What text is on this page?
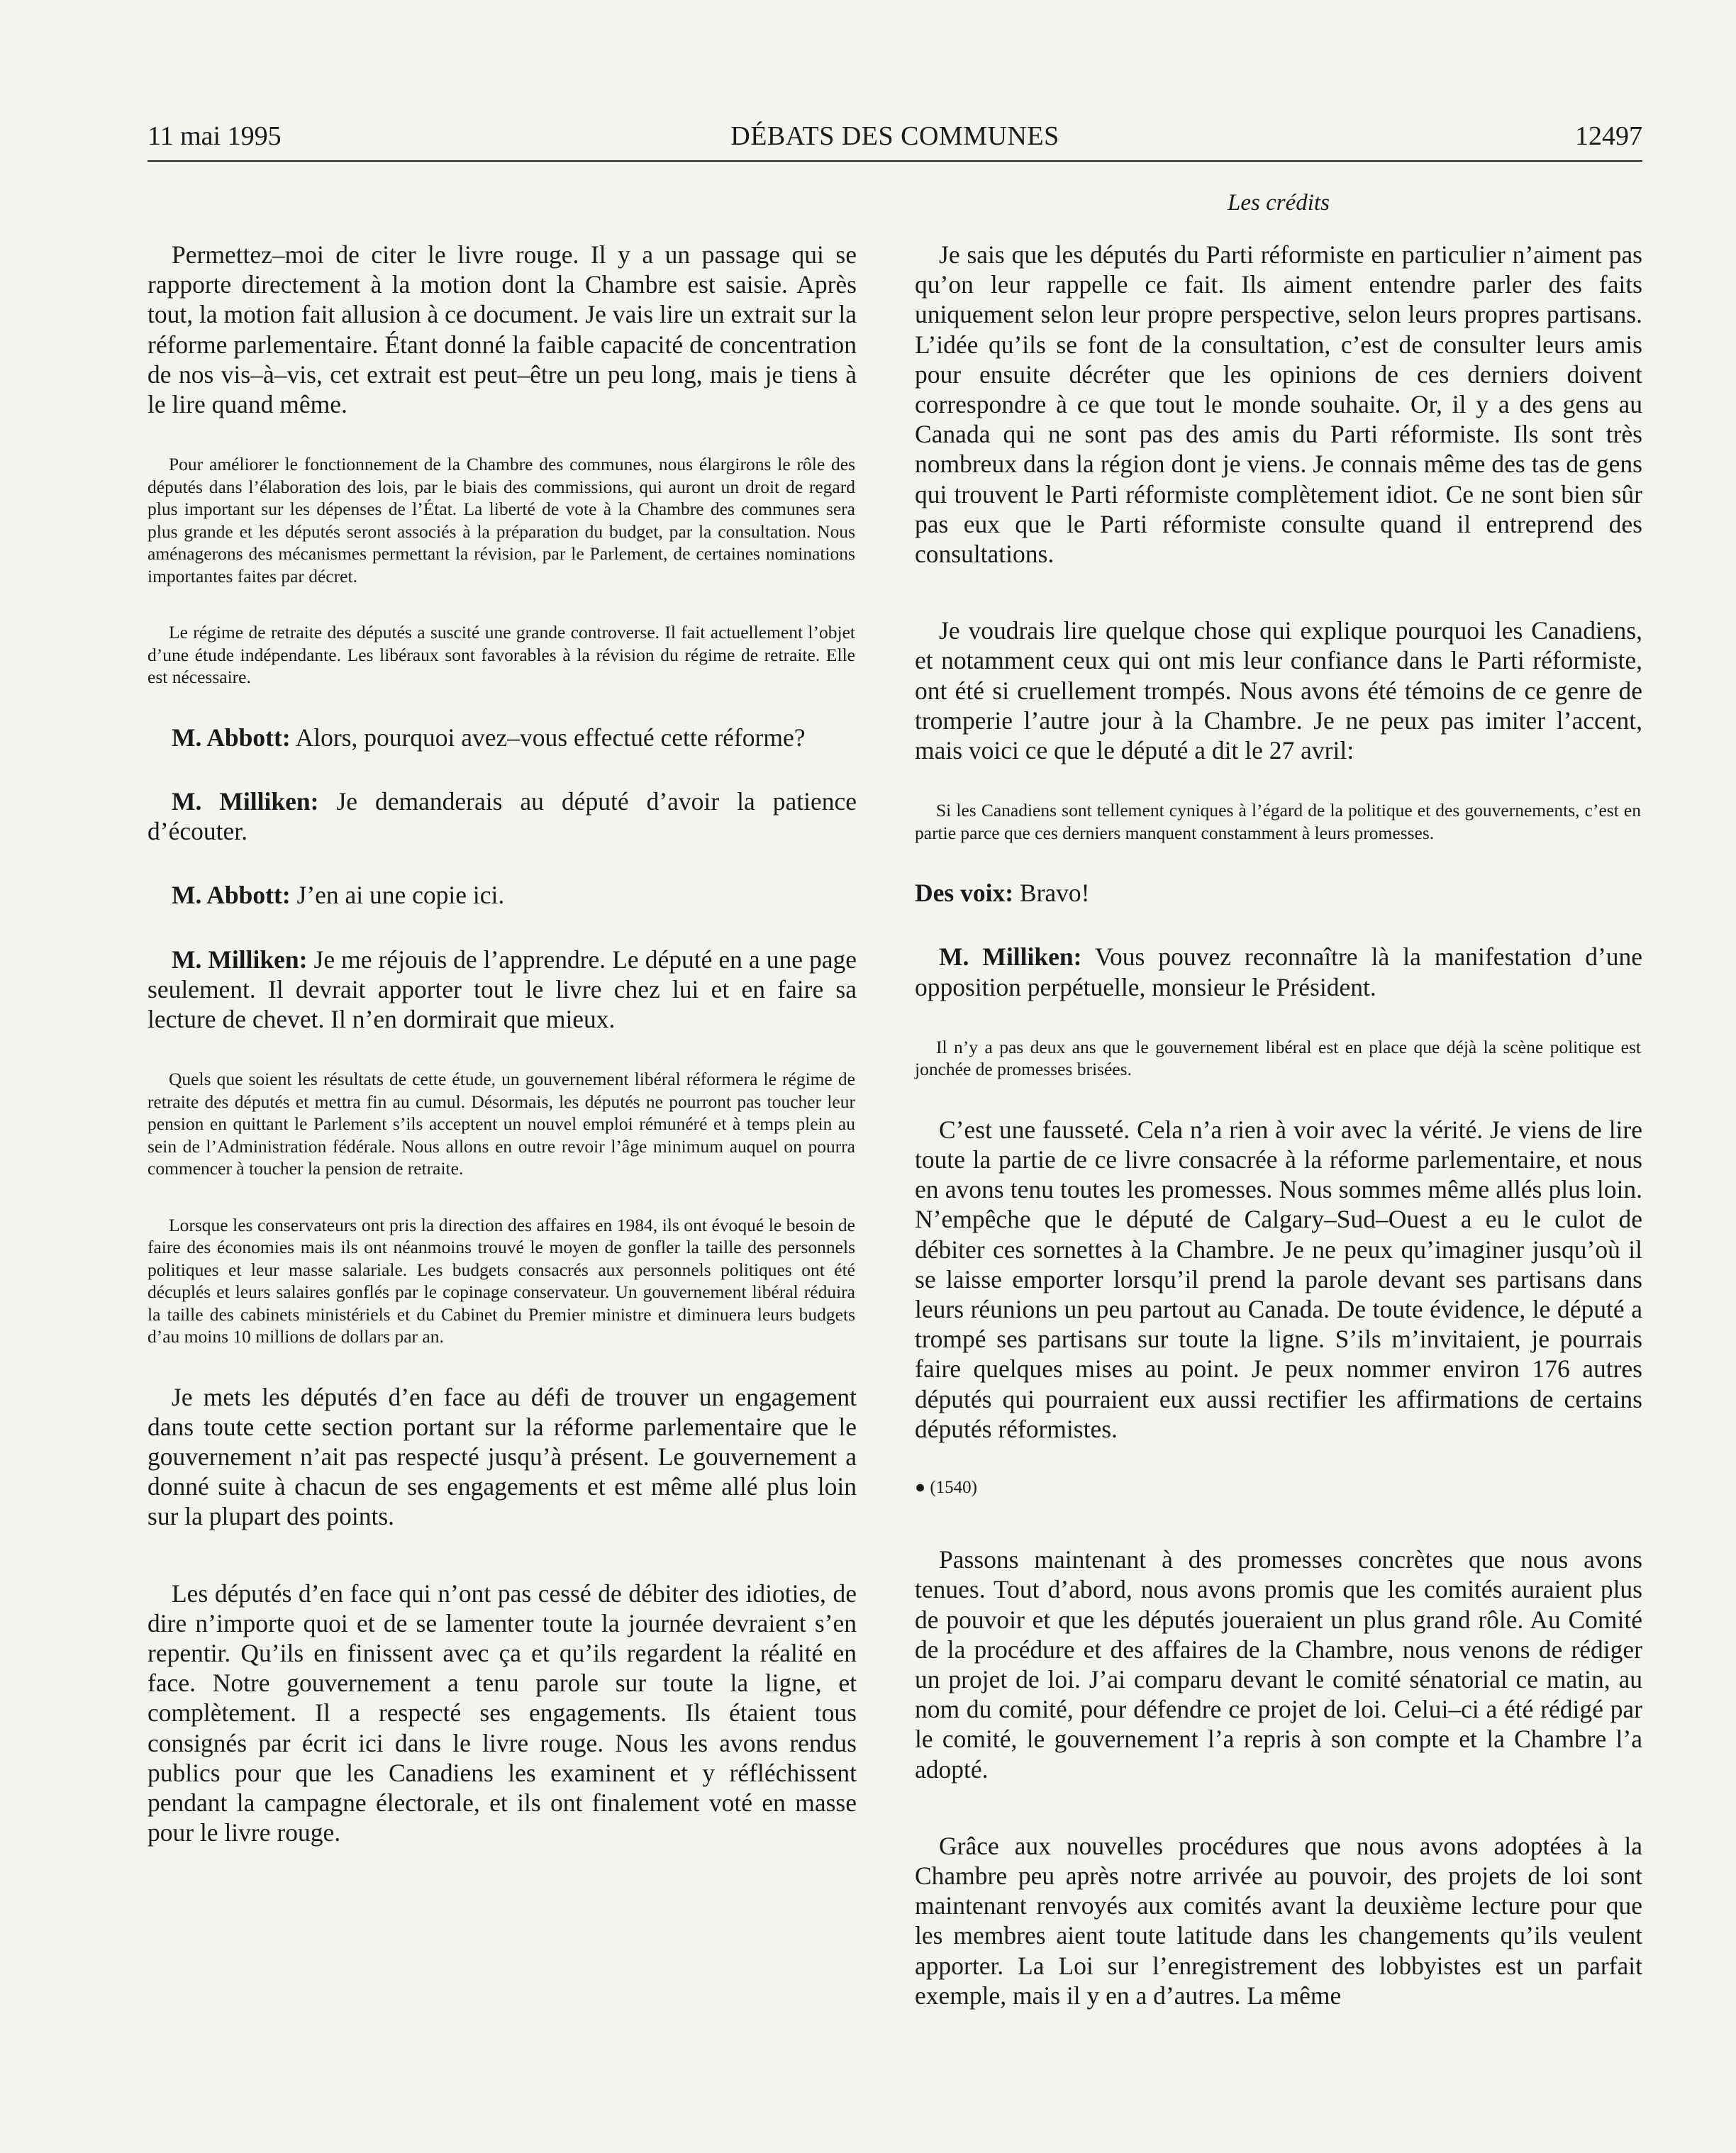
11 mai 1995	DÉBATS DES COMMUNES	12497
Les crédits

Permettez–moi de citer le livre rouge. Il y a un passage qui se rapporte directement à la motion dont la Chambre est saisie. Après tout, la motion fait allusion à ce document. Je vais lire un extrait sur la réforme parlementaire. Étant donné la faible capacité de concentration de nos vis–à–vis, cet extrait est peut–être un peu long, mais je tiens à le lire quand même.

Pour améliorer le fonctionnement de la Chambre des communes, nous élargirons le rôle des députés dans l’élaboration des lois, par le biais des commissions, qui auront un droit de regard plus important sur les dépenses de l’État. La liberté de vote à la Chambre des communes sera plus grande et les députés seront associés à la préparation du budget, par la consultation. Nous aménagerons des mécanismes permettant la révision, par le Parlement, de certaines nominations importantes faites par décret.

Le régime de retraite des députés a suscité une grande controverse. Il fait actuellement l’objet d’une étude indépendante. Les libéraux sont favorables à la révision du régime de retraite. Elle est nécessaire.

M. Abbott: Alors, pourquoi avez–vous effectué cette réforme?

M. Milliken: Je demanderais au député d’avoir la patience d’écouter.

M. Abbott: J’en ai une copie ici.

M. Milliken: Je me réjouis de l’apprendre. Le député en a une page seulement. Il devrait apporter tout le livre chez lui et en faire sa lecture de chevet. Il n’en dormirait que mieux.

Quels que soient les résultats de cette étude, un gouvernement libéral réformera le régime de retraite des députés et mettra fin au cumul. Désormais, les députés ne pourront pas toucher leur pension en quittant le Parlement s’ils acceptent un nouvel emploi rémunéré et à temps plein au sein de l’Administration fédérale. Nous allons en outre revoir l’âge minimum auquel on pourra commencer à toucher la pension de retraite.

Lorsque les conservateurs ont pris la direction des affaires en 1984, ils ont évoqué le besoin de faire des économies mais ils ont néanmoins trouvé le moyen de gonfler la taille des personnels politiques et leur masse salariale. Les budgets consacrés aux personnels politiques ont été décuplés et leurs salaires gonflés par le copinage conservateur. Un gouvernement libéral réduira la taille des cabinets ministériels et du Cabinet du Premier ministre et diminuera leurs budgets d’au moins 10 millions de dollars par an.

Je mets les députés d’en face au défi de trouver un engagement dans toute cette section portant sur la réforme parlementaire que le gouvernement n’ait pas respecté jusqu’à présent. Le gouvernement a donné suite à chacun de ses engagements et est même allé plus loin sur la plupart des points.

Les députés d’en face qui n’ont pas cessé de débiter des idioties, de dire n’importe quoi et de se lamenter toute la journée devraient s’en repentir. Qu’ils en finissent avec ça et qu’ils regardent la réalité en face. Notre gouvernement a tenu parole sur toute la ligne, et complètement. Il a respecté ses engagements. Ils étaient tous consignés par écrit ici dans le livre rouge. Nous les avons rendus publics pour que les Canadiens les examinent et y réfléchissent pendant la campagne électorale, et ils ont finalement voté en masse pour le livre rouge.

Je sais que les députés du Parti réformiste en particulier n’aiment pas qu’on leur rappelle ce fait. Ils aiment entendre parler des faits uniquement selon leur propre perspective, selon leurs propres partisans. L’idée qu’ils se font de la consultation, c’est de consulter leurs amis pour ensuite décréter que les opinions de ces derniers doivent correspondre à ce que tout le monde souhaite. Or, il y a des gens au Canada qui ne sont pas des amis du Parti réformiste. Ils sont très nombreux dans la région dont je viens. Je connais même des tas de gens qui trouvent le Parti réformiste complètement idiot. Ce ne sont bien sûr pas eux que le Parti réformiste consulte quand il entreprend des consultations.

Je voudrais lire quelque chose qui explique pourquoi les Canadiens, et notamment ceux qui ont mis leur confiance dans le Parti réformiste, ont été si cruellement trompés. Nous avons été témoins de ce genre de tromperie l’autre jour à la Chambre. Je ne peux pas imiter l’accent, mais voici ce que le député a dit le 27 avril:

Si les Canadiens sont tellement cyniques à l’égard de la politique et des gouvernements, c’est en partie parce que ces derniers manquent constamment à leurs promesses.

Des voix: Bravo!

M. Milliken: Vous pouvez reconnaître là la manifestation d’une opposition perpétuelle, monsieur le Président.

Il n’y a pas deux ans que le gouvernement libéral est en place que déjà la scène politique est jonchée de promesses brisées.

C’est une fausseté. Cela n’a rien à voir avec la vérité. Je viens de lire toute la partie de ce livre consacrée à la réforme parlementaire, et nous en avons tenu toutes les promesses. Nous sommes même allés plus loin. N’empêche que le député de Calgary–Sud–Ouest a eu le culot de débiter ces sornettes à la Chambre. Je ne peux qu’imaginer jusqu’où il se laisse emporter lorsqu’il prend la parole devant ses partisans dans leurs réunions un peu partout au Canada. De toute évidence, le député a trompé ses partisans sur toute la ligne. S’ils m’invitaient, je pourrais faire quelques mises au point. Je peux nommer environ 176 autres députés qui pourraient eux aussi rectifier les affirmations de certains députés réformistes.

● (1540)

Passons maintenant à des promesses concrètes que nous avons tenues. Tout d’abord, nous avons promis que les comités auraient plus de pouvoir et que les députés joueraient un plus grand rôle. Au Comité de la procédure et des affaires de la Chambre, nous venons de rédiger un projet de loi. J’ai comparu devant le comité sénatorial ce matin, au nom du comité, pour défendre ce projet de loi. Celui–ci a été rédigé par le comité, le gouvernement l’a repris à son compte et la Chambre l’a adopté.

Grâce aux nouvelles procédures que nous avons adoptées à la Chambre peu après notre arrivée au pouvoir, des projets de loi sont maintenant renvoyés aux comités avant la deuxième lecture pour que les membres aient toute latitude dans les changements qu’ils veulent apporter. La Loi sur l’enregistrement des lobbyistes est un parfait exemple, mais il y en a d’autres. La même
